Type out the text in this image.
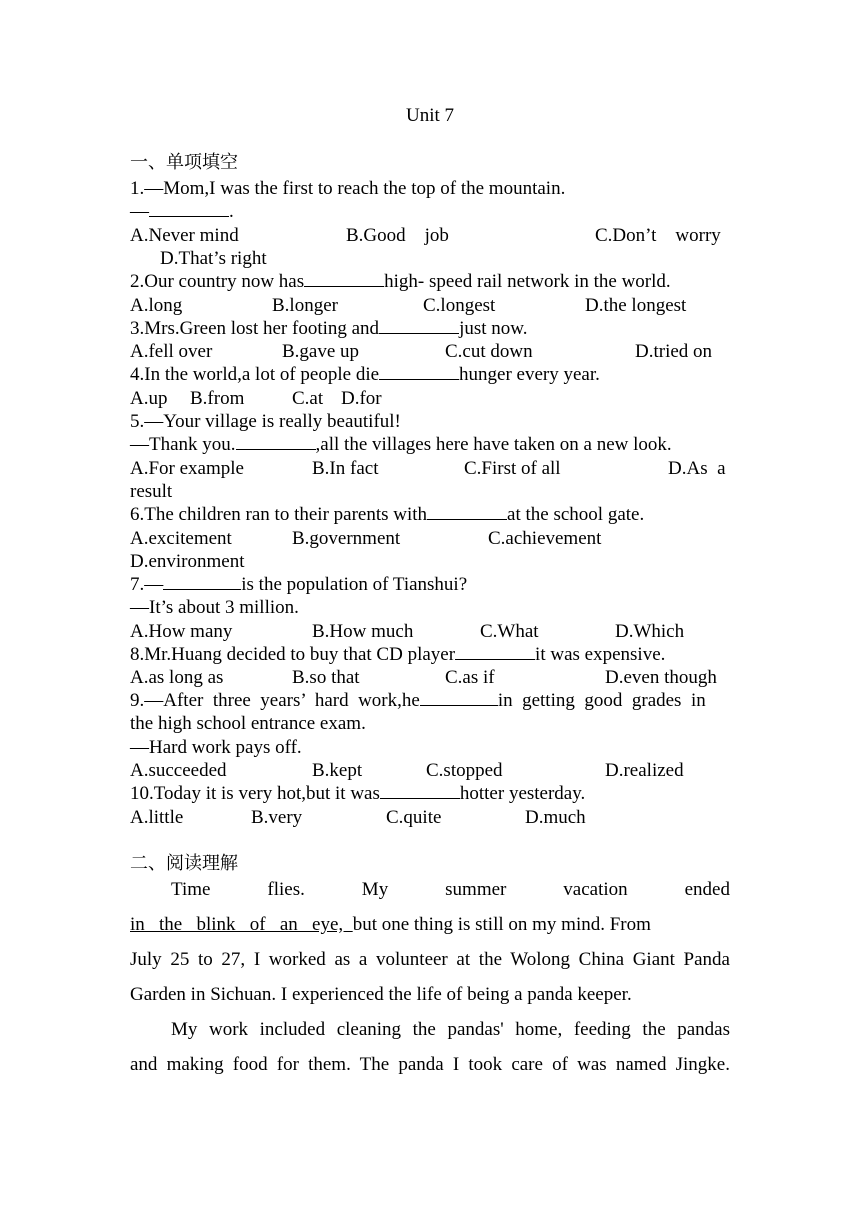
Unit 7
一、单项填空
1.—Mom,I was the first to reach the top of the mountain.
—	.
A.Never mind	B.Good    job	C.Don’t    worry
D.That’s right
2.Our country now has	high- speed rail network in the world.
A.long	B.longer	C.longest	D.the longest
3.Mrs.Green lost her footing and	just now.
A.fell over	B.gave up	C.cut down	D.tried on
4.In the world,a lot of people die	hunger every year.
A.up B.from	C.at D.for
5.—Your village is really beautiful!
—Thank you.	,all the villages here have taken on a new look.
A.For example	B.In fact	C.First of all	D.As  a
result
6.The children ran to their parents with	at the school gate.
A.excitement	B.government	C.achievement
D.environment
7.—	is the population of Tianshui?
—It’s about 3 million.
A.How many	B.How much	C.What	D.Which
8.Mr.Huang decided to buy that CD player	it was expensive.
A.as long as	B.so that	C.as if	D.even though
9.—After  three  years’  hard  work,he	in  getting  good  grades  in
the high school entrance exam.
—Hard work pays off.
A.succeeded	B.kept	C.stopped	D.realized
10.Today it is very hot,but it was	hotter yesterday.
A.little	B.very	C.quite	D.much
二、阅读理解
Time flies. My summer vacation ended
in   the   blink   of   an   eye,  but one thing is still on my mind. From
July 25 to 27, I worked as a volunteer at the Wolong China Giant Panda
Garden in Sichuan. I experienced the life of being a panda keeper.
My work included cleaning the pandas' home, feeding the pandas
and making food for them. The panda I took care of was named Jingke.
